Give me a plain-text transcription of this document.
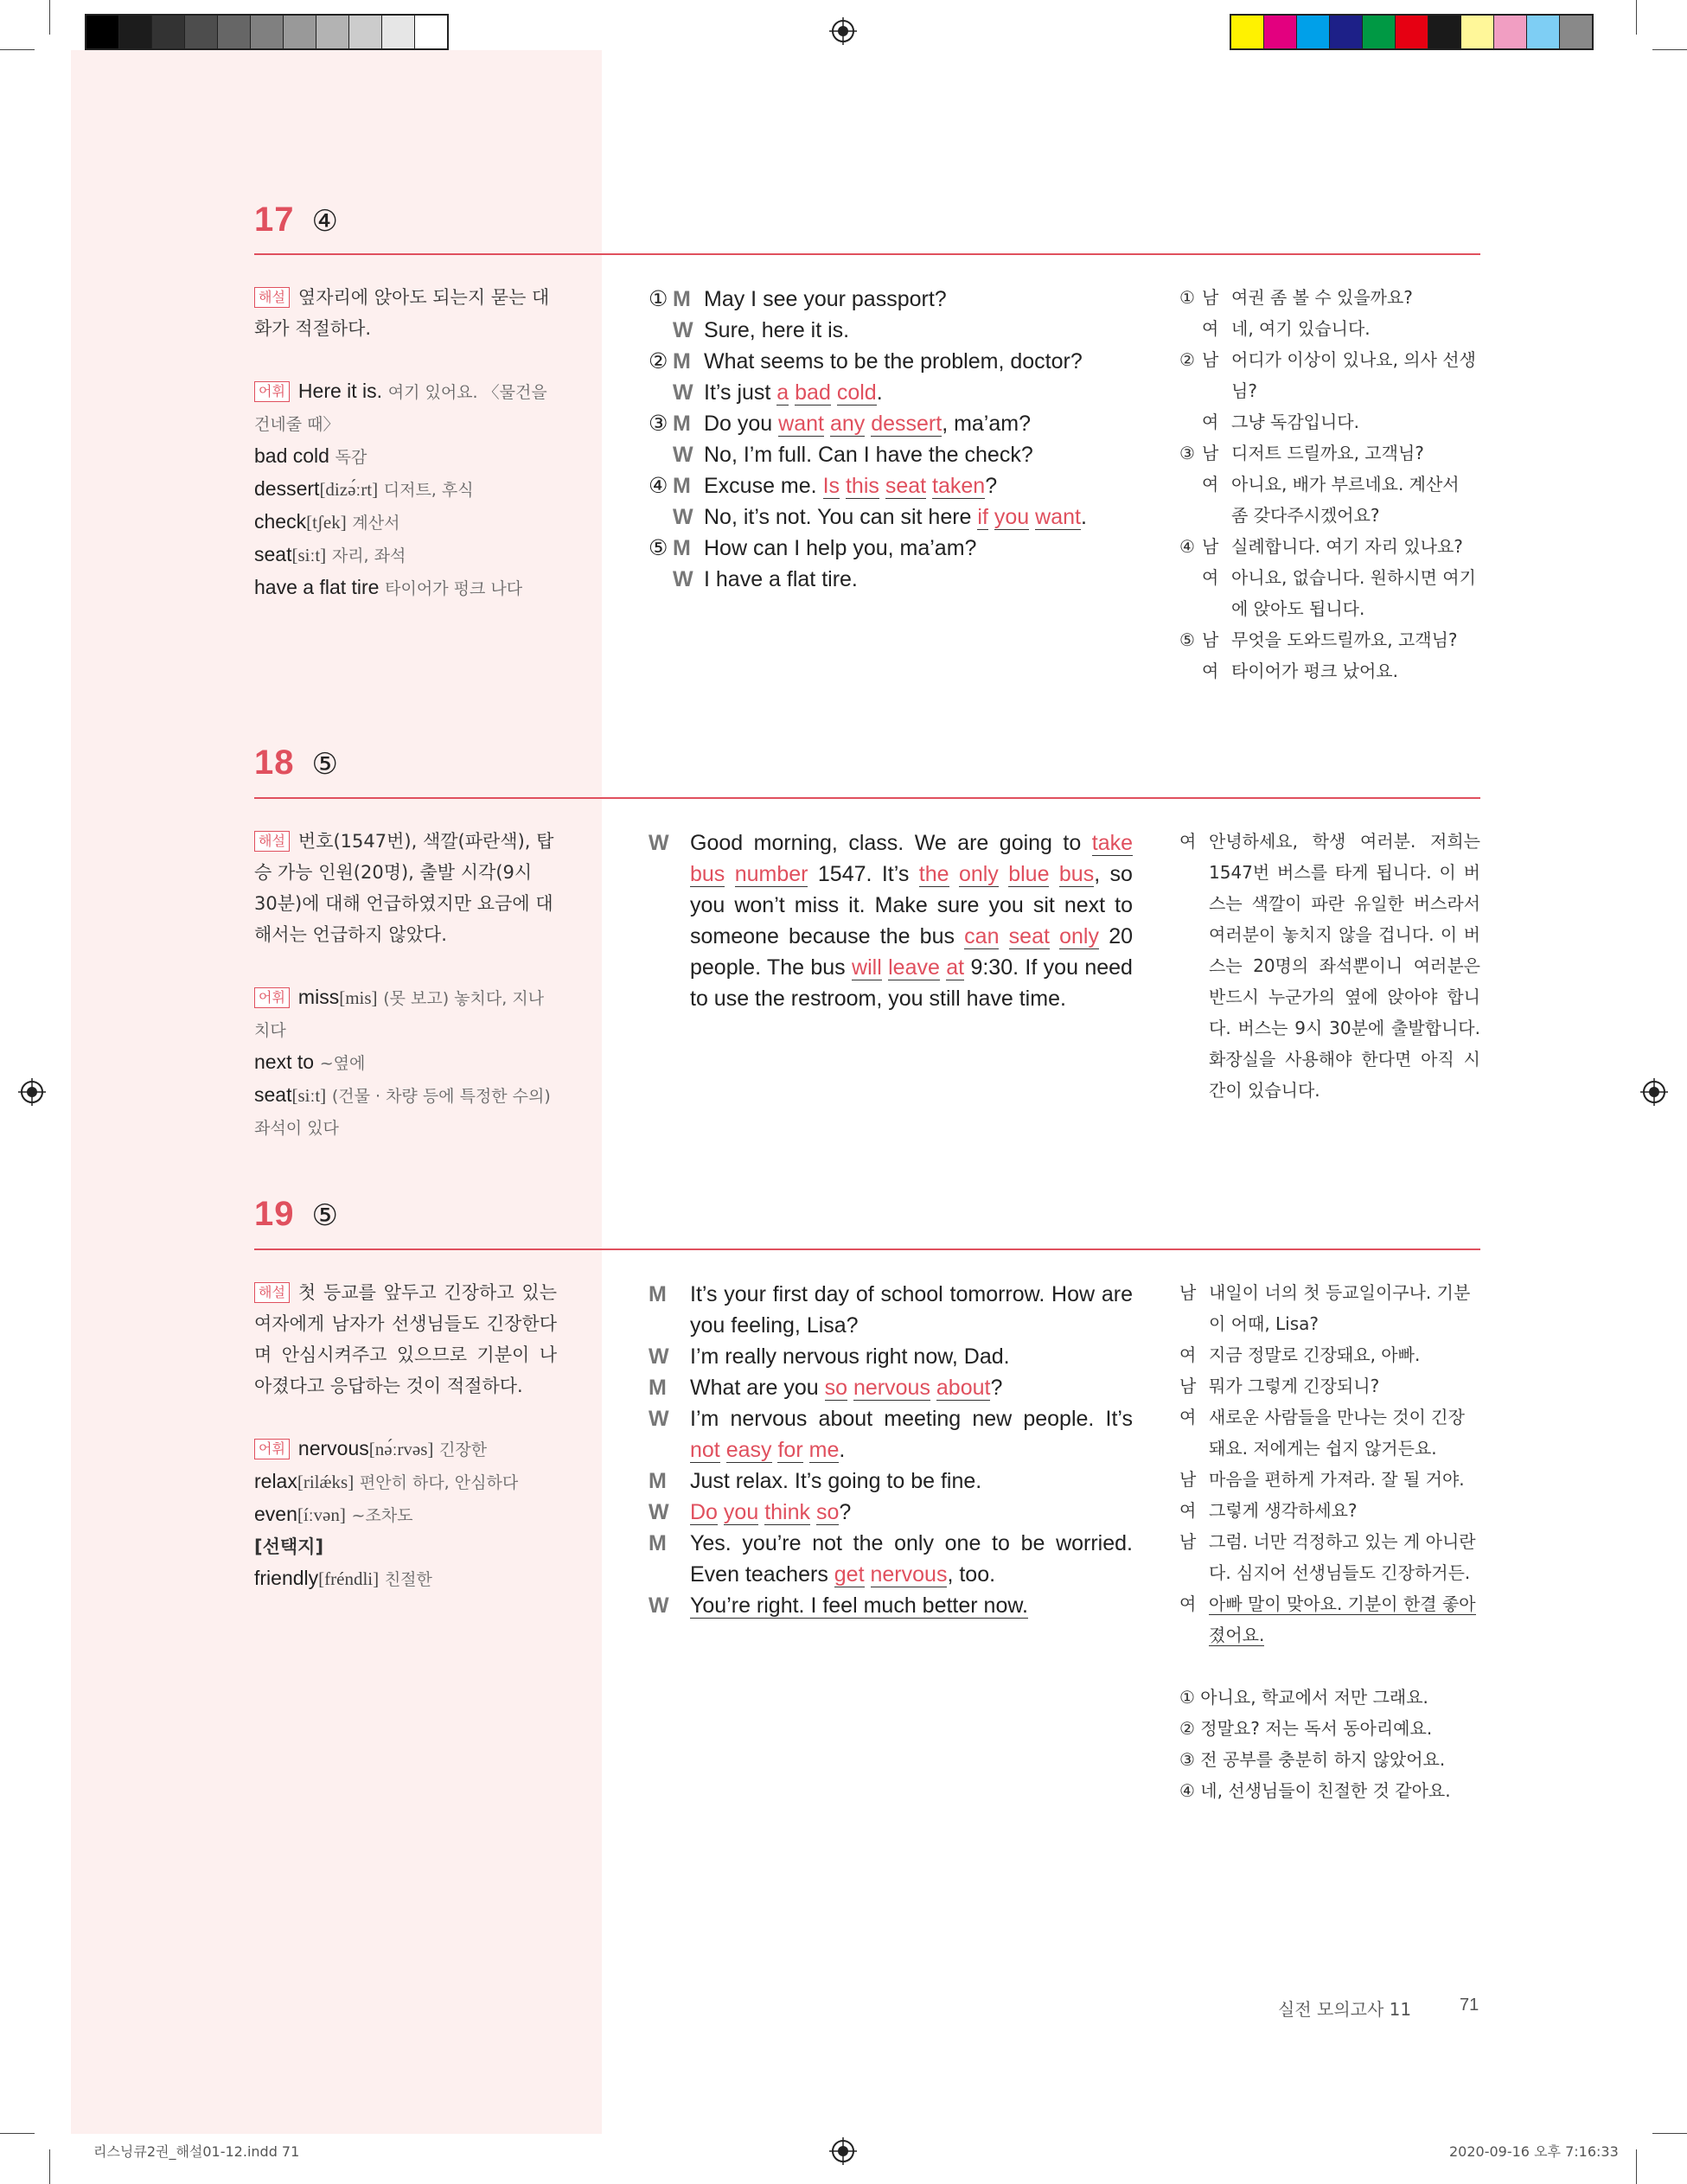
17 ④
해설 옆자리에 앉아도 되는지 묻는 대화가 적절하다.
어휘 Here it is. 여기 있어요. 〈물건을 건네줄 때〉
bad cold 독감
dessert[dizə́ːrt] 디저트, 후식
check[tʃek] 계산서
seat[siːt] 자리, 좌석
have a flat tire 타이어가 펑크 나다
① M May I see your passport?
W Sure, here it is.
② M What seems to be the problem, doctor?
W It’s just a bad cold.
③ M Do you want any dessert, ma’am?
W No, I’m full. Can I have the check?
④ M Excuse me. Is this seat taken?
W No, it’s not. You can sit here if you want.
⑤ M How can I help you, ma’am?
W I have a flat tire.
① 남 여권 좀 볼 수 있을까요?
여 네, 여기 있습니다.
② 남 어디가 이상이 있나요, 의사 선생님?
여 그냥 독감입니다.
③ 남 디저트 드릴까요, 고객님?
여 아니요, 배가 부르네요. 계산서 좀 갖다주시겠어요?
④ 남 실례합니다. 여기 자리 있나요?
여 아니요, 없습니다. 원하시면 여기에 앉아도 됩니다.
⑤ 남 무엇을 도와드릴까요, 고객님?
여 타이어가 펑크 났어요.
18 ⑤
해설 번호(1547번), 색깔(파란색), 탑승 가능 인원(20명), 출발 시각(9시 30분)에 대해 언급하였지만 요금에 대해서는 언급하지 않았다.
어휘 miss[mis] (못 보고) 놓치다, 지나치다
next to ~옆에
seat[siːt] (건물 · 차량 등에 특정한 수의) 좌석이 있다
W Good morning, class. We are going to take bus number 1547. It’s the only blue bus, so you won’t miss it. Make sure you sit next to someone because the bus can seat only 20 people. The bus will leave at 9:30. If you need to use the restroom, you still have time.
여 안녕하세요, 학생 여러분. 저희는 1547번 버스를 타게 됩니다. 이 버스는 색깔이 파란 유일한 버스라서 여러분이 놓치지 않을 겁니다. 이 버스는 20명의 좌석뿐이니 여러분은 반드시 누군가의 옆에 앉아야 합니다. 버스는 9시 30분에 출발합니다. 화장실을 사용해야 한다면 아직 시간이 있습니다.
19 ⑤
해설 첫 등교를 앞두고 긴장하고 있는 여자에게 남자가 선생님들도 긴장한다며 안심시켜주고 있으므로 기분이 나아졌다고 응답하는 것이 적절하다.
어휘 nervous[nə́ːrvəs] 긴장한
relax[rilǽks] 편안히 하다, 안심하다
even[íːvən] ~조차도
[선택지]
friendly[fréndli] 친절한
M	It’s your first day of school tomorrow. How are you feeling, Lisa?
W I’m really nervous right now, Dad.
M	What are you so nervous about?
W I’m nervous about meeting new people. It’s not easy for me.
M	Just relax. It’s going to be fine.
W Do you think so?
M	Yes. you’re not the only one to be worried. Even teachers get nervous, too.
W You’re right. I feel much better now.
남 내일이 너의 첫 등교일이구나. 기분이 어때, Lisa?
여 지금 정말로 긴장돼요, 아빠.
남 뭐가 그렇게 긴장되니?
여 새로운 사람들을 만나는 것이 긴장돼요. 저에게는 쉽지 않거든요.
남 마음을 편하게 가져라. 잘 될 거야.
여 그렇게 생각하세요?
남 그럼. 너만 걱정하고 있는 게 아니란다. 심지어 선생님들도 긴장하거든.
여 아빠 말이 맞아요. 기분이 한결 좋아졌어요.
① 아니요, 학교에서 저만 그래요.
② 정말요? 저는 독서 동아리예요.
③ 전 공부를 충분히 하지 않았어요.
④ 네, 선생님들이 친절한 것 같아요.
실전 모의고사 11	71
리스닝큐2권_해설01-12.indd 71	2020-09-16 오후 7:16:33
